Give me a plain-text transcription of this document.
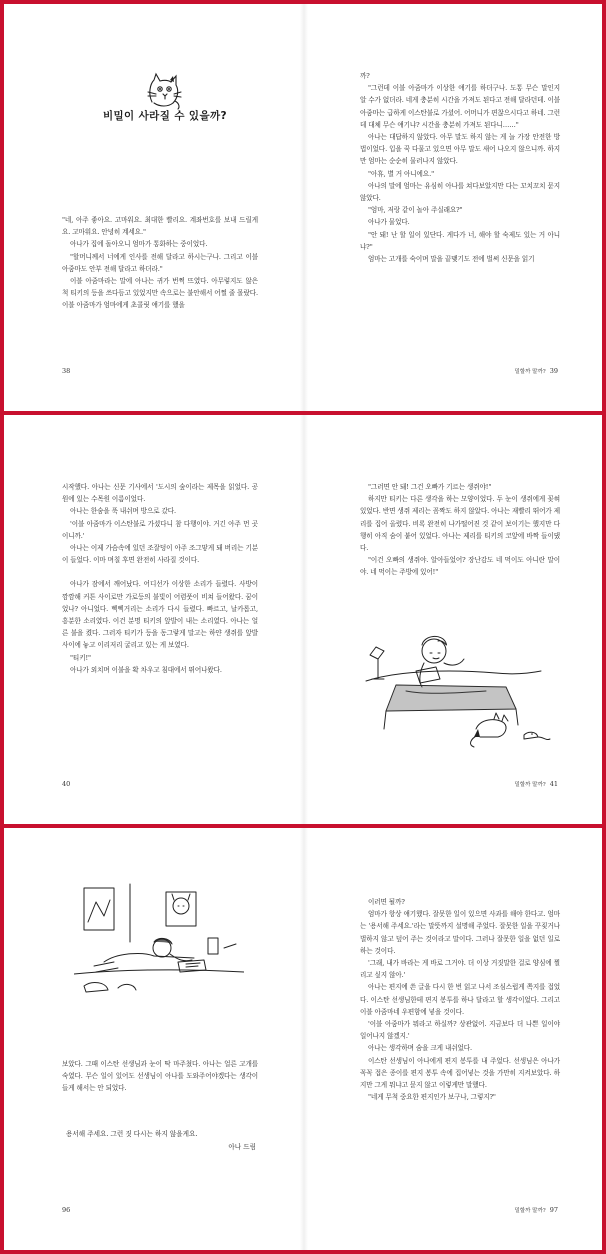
비밀이 사라질 수 있을까?

"네, 아주 좋아요. 고마워요. 최대한 빨리요. 계좌번호를 보내 드릴게요. 고마워요. 안녕히 계세요."

아나가 집에 돌아오니 엄마가 통화하는 중이었다.

"할머니께서 너에게 인사를 전해 달라고 하시는구나. 그리고 이블 아줌마도 안부 전해 달라고 하더라."

이블 아줌마라는 말에 아나는 귀가 번쩍 뜨였다. 아무렇지도 않은 척 티키의 등을 쓰다듬고 있었지만 속으로는 불안해서 어쩔 줄 몰랐다. 이블 아줌마가 엄마에게 초콜릿 얘기를 했을

38

까?

"그런데 이블 아줌마가 이상한 얘기를 하더구나. 도통 무슨 말인지 알 수가 없더라. 네게 충분히 시간을 가져도 된다고 전해 달라던데. 이블 아줌마는 급하게 이스탄불로 가셨어. 어머니가 편찮으시다고 하네. 그런데 대체 무슨 얘기냐? 시간을 충분히 가져도 된다니……"

아나는 대답하지 않았다. 아무 말도 하지 않는 게 늘 가장 안전한 방법이었다. 입을 꾹 다물고 있으면 아무 말도 새어 나오지 않으니까. 하지만 엄마는 순순히 물러나지 않았다.

"아휴, 별 거 아니에요."

아나의 말에 엄마는 유심히 아나를 쳐다보았지만 다는 꼬치꼬치 묻지 않았다.

"엄마, 저랑 같이 놀아 주실래요?"

아나가 물었다.

"안 돼! 난 할 일이 있단다. 게다가 너, 해야 할 숙제도 있는 거 아니냐?"

엄마는 고개를 숙이며 말을 끝맺기도 전에 벌써 신문을 읽기

밀할까 말까? 39

시작했다. 아나는 신문 기사에서 '도시의 숲이라는 제목을 읽었다. 공원에 있는 수목원 이름이었다.

아나는 한숨을 푹 내쉬며 방으로 갔다.

'이블 아줌마가 이스탄불로 가셨다니 참 다행이야. 거긴 아주 먼 곳이니까.'

아나는 이제 가슴속에 있던 조잘덩이 아주 조그맣게 돼 버리는 기분이 들었다. 이마 며칠 후면 완전히 사라질 것이다.

아나가 잠에서 깨어났다. 어디선가 이상한 소리가 들렸다. 사방이 깜깜해 커튼 사이로만 가로등의 불빛이 어렴풋이 비쳐 들어왔다. 꿈이었나? 아니었다. 삑삑거리는 소리가 다시 들렸다. 빠르고, 날카롭고, 흥분한 소리였다. 이건 분명 티키의 앞발이 내는 소리였다. 아나는 얼른 불을 켰다. 그러자 티키가 등을 동그랗게 말고는 하얀 생쥐를 앞발 사이에 놓고 이리저리 굴리고 있는 게 보였다.

"티키!"

아나가 외치며 이불을 확 차우고 침대에서 뛰어나왔다.

40

"그러면 안 돼! 그건 오빠가 기르는 생쥐야!"

하지만 티키는 다른 생각을 하는 모양이었다. 두 눈이 생쥐에게 꽂혀 있었다. 반면 생쥐 제리는 꼼짝도 하지 않았다. 아나는 재빨리 뛰어가 제리를 집어 올렸다. 비록 완전히 나가떨어진 것 같이 보이기는 했지만 다행히 아직 숨이 붙어 있었다. 아나는 제리를 티키의 코앞에 바짝 들이댔다.

"이건 오빠의 생쥐야. 알아들었어? 장난감도 네 먹이도 아니란 말이야. 네 먹이는 주방에 있어!"

밀할까 말까? 41

보았다. 그때 이스탄 선생님과 눈이 딱 마주쳤다. 아나는 얼른 고개를 숙였다. 무슨 일이 있어도 선생님이 아나를 도와주어야겠다는 생각이 들게 해서는 안 되었다.

용서해 주세요. 그런 짓 다시는 하지 않을게요.
아나 드림
96

이러면 될까?

엄마가 항상 얘기했다. 잘못한 일이 있으면 사과를 해야 한다고. 엄마는 '용서해 주세요.'라는 말뜻까지 설명해 주었다. 잘못한 일을 꾸짖거나 벌하지 않고 덮어 주는 것이라고 말이다. 그러나 잘못한 일을 없던 일로 하는 것이다.

'그래, 내가 바라는 게 바로 그거야. 더 이상 거짓말한 걸로 양심에 찔리고 싶지 않아.'

아나는 편지에 쓴 글을 다시 한 번 읽고 나서 조심스럽게 쪽지를 접었다. 이스탄 선생님한테 편지 봉투를 하나 달라고 할 생각이었다. 그리고 이블 아줌마네 우편함에 넣을 것이다.

'이블 아줌마가 뭐라고 하실까? 상관없어. 지금보다 더 나쁜 일이야 일어나지 않겠지.'

아나는 생각하며 숨을 크게 내쉬었다.

이스탄 선생님이 아나에게 편지 봉투를 내 주었다. 선생님은 아나가 꼭꼭 접은 종이를 편지 봉투 속에 집어넣는 것을 가만히 지켜보았다. 하지만 그게 뭐냐고 묻지 않고 이렇게만 말했다.

"네게 무척 중요한 편지인가 보구나, 그렇지?"

밀할까 말까? 97
